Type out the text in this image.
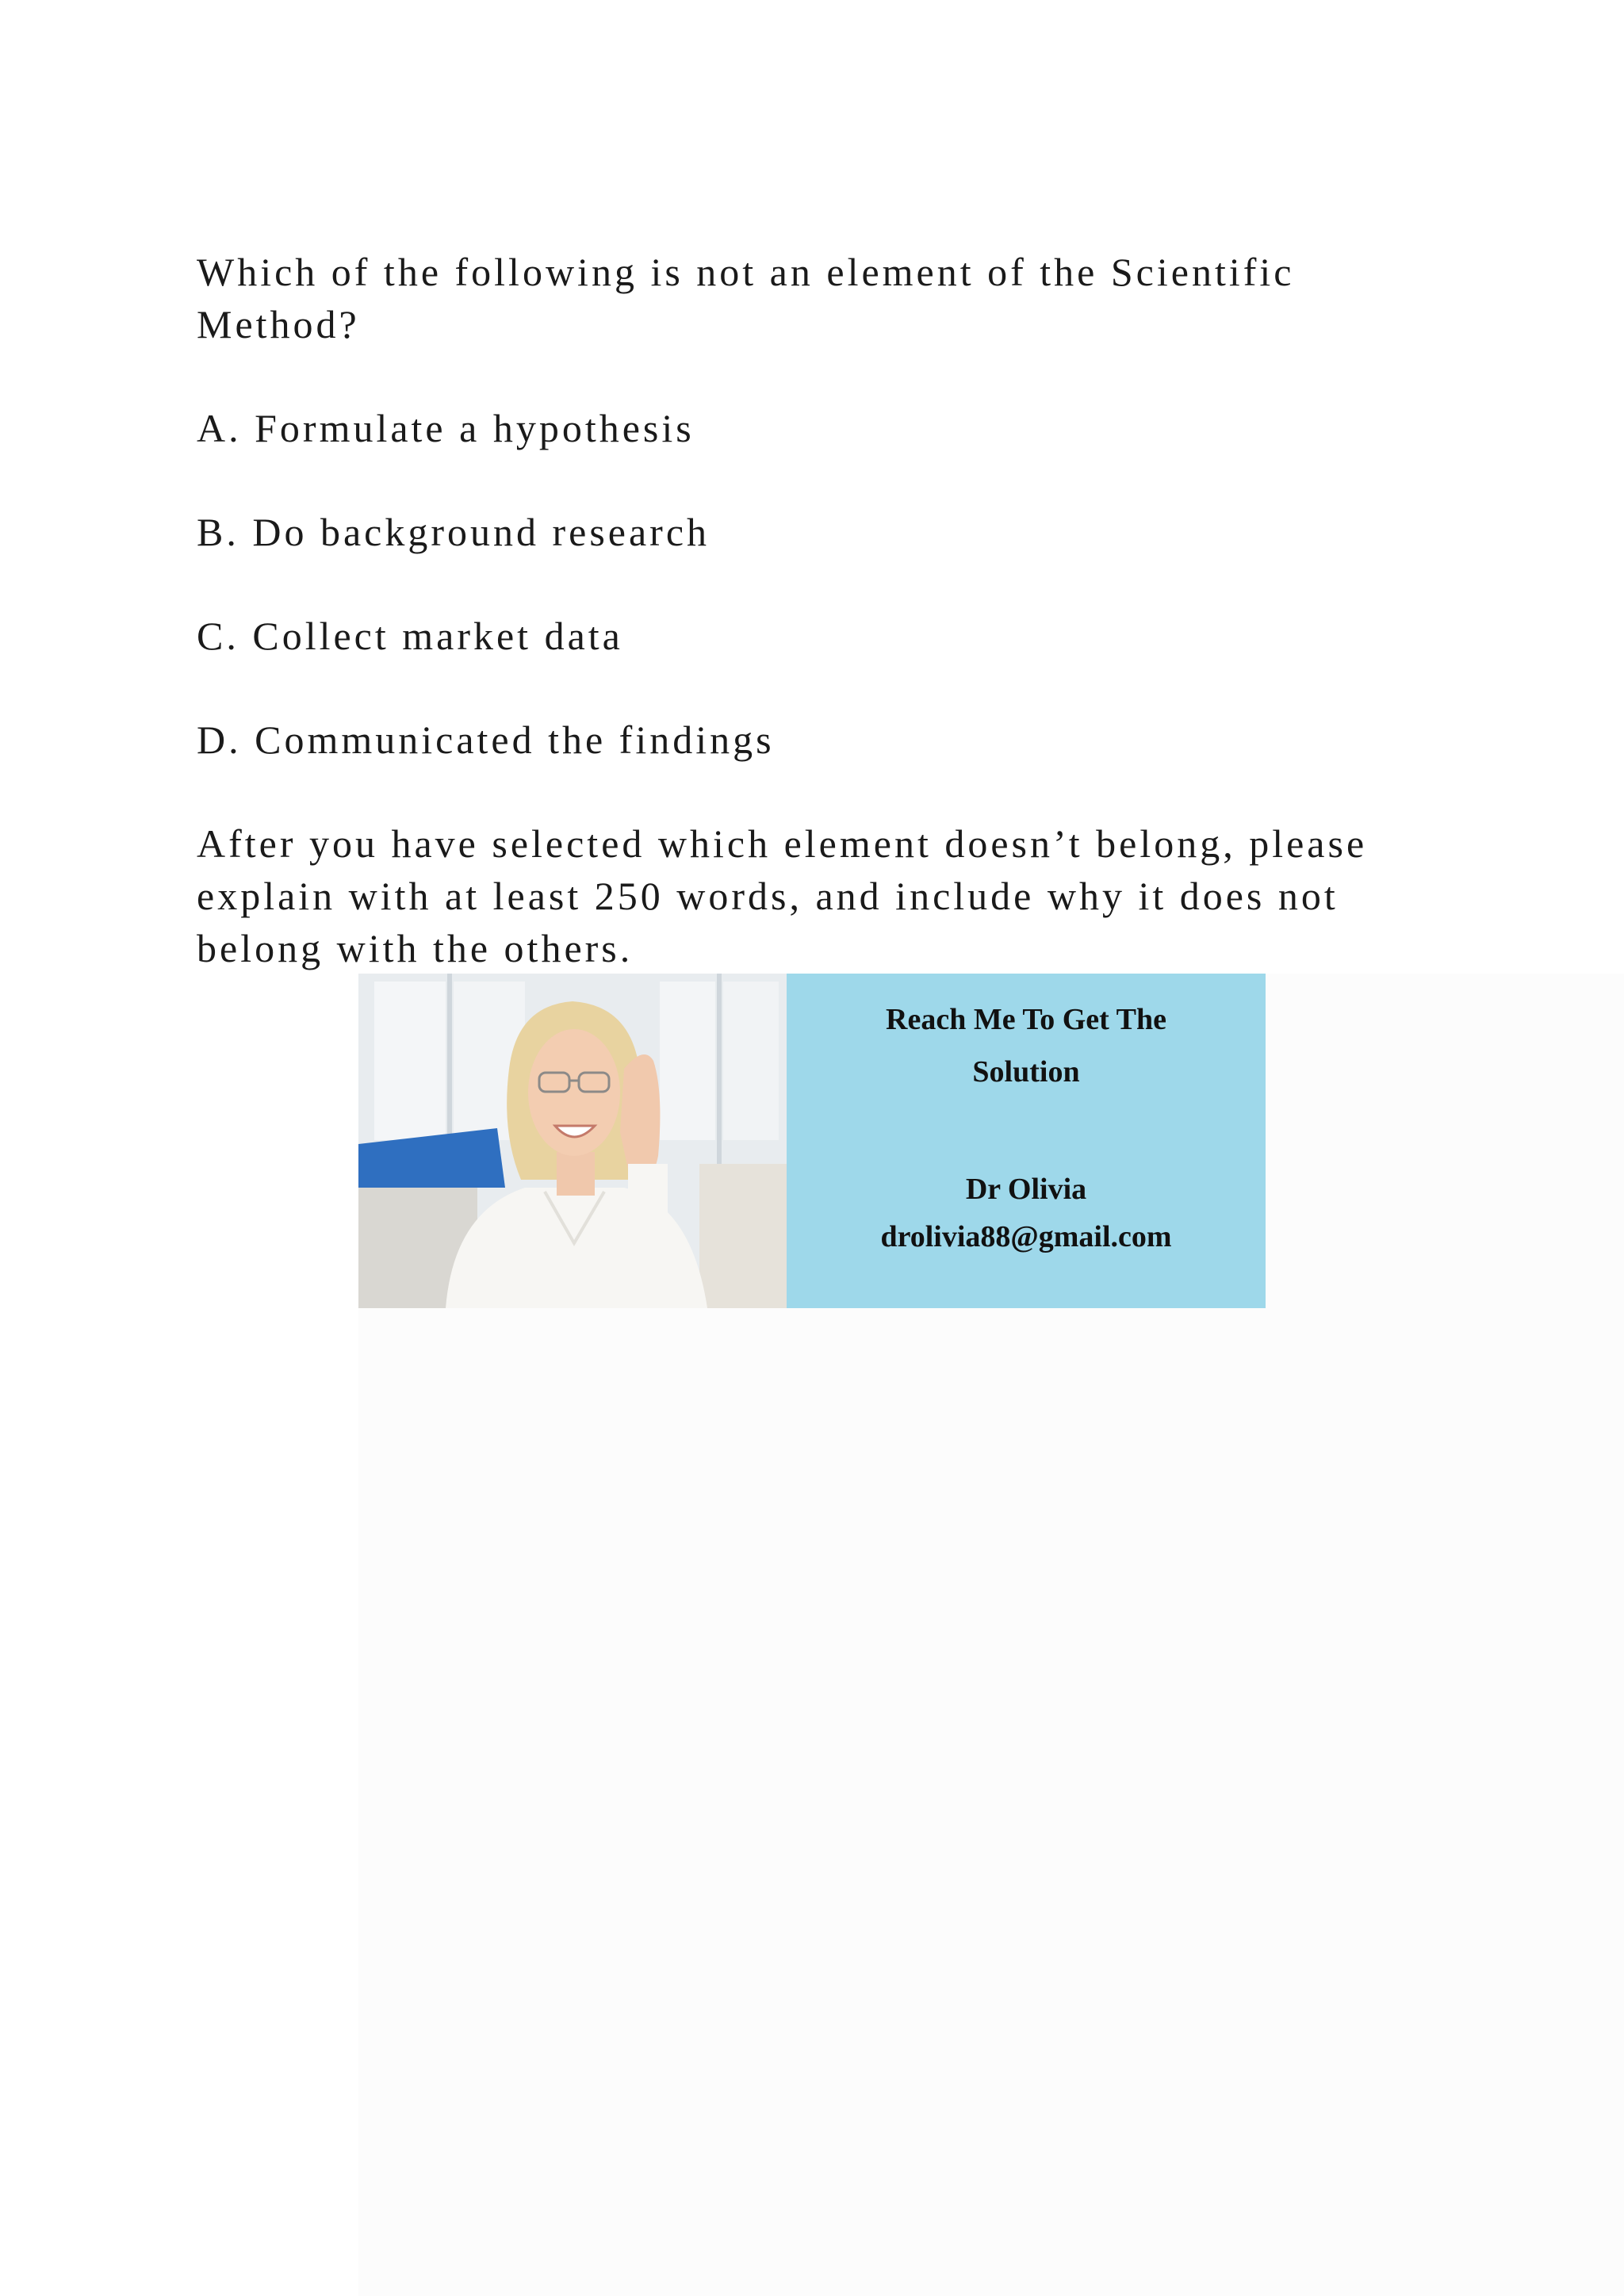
Which of the following is not an element of the Scientific Method?

A. Formulate a hypothesis

B. Do background research

C. Collect market data

D. Communicated the findings

After you have selected which element doesn’t belong, please explain with at least 250 words, and include why it does not belong with the others.

Reach Me To Get The
Solution
Dr Olivia
drolivia88@gmail.com
